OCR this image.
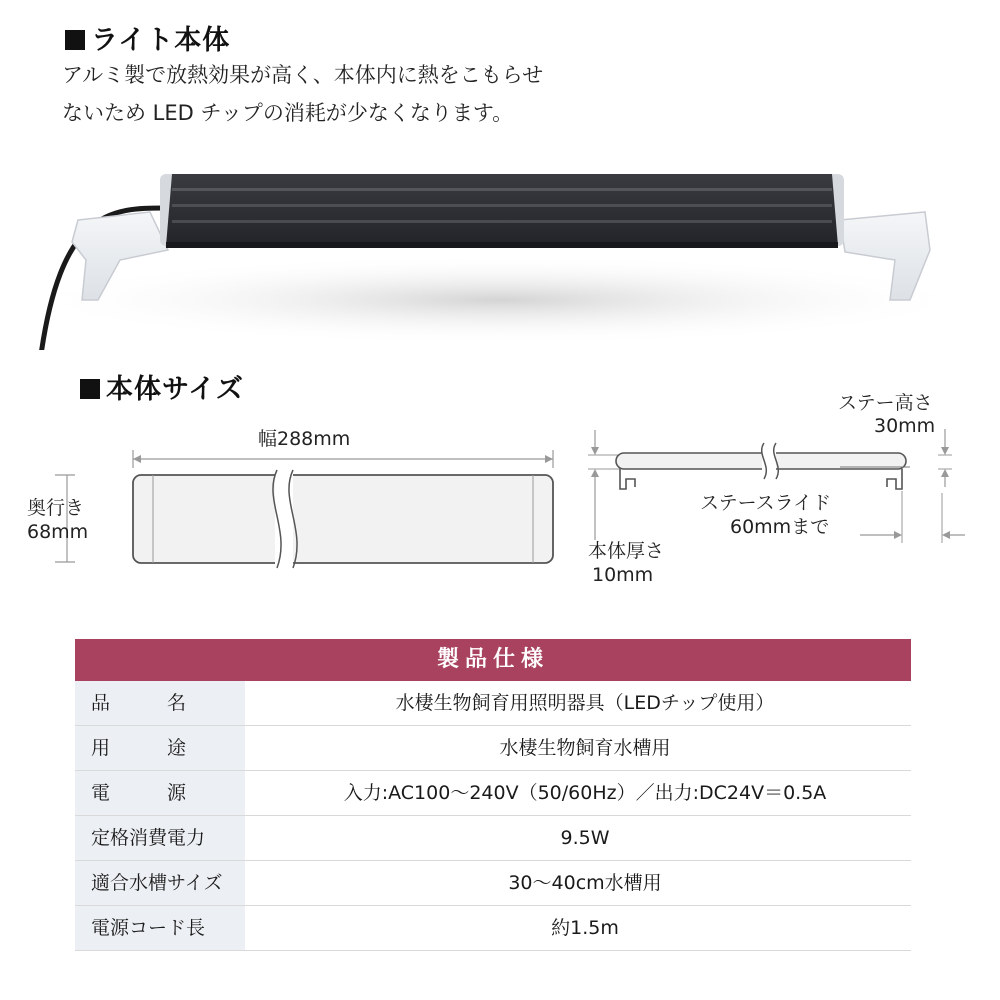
ライト本体
アルミ製で放熱効果が高く、本体内に熱をこもらせ
ないため LED チップの消耗が少なくなります。
本体サイズ
幅288mm
奥行き
68mm
ステー高さ
30mm
ステースライド
60mmまで
本体厚さ
10mm
製品仕様
品　　　名	水棲生物飼育用照明器具（LEDチップ使用）
用　　　途	水棲生物飼育水槽用
電　　　源	入力:AC100～240V（50/60Hz）／出力:DC24V＝0.5A
定格消費電力	9.5W
適合水槽サイズ	30～40cm水槽用
電源コード長	約1.5m
